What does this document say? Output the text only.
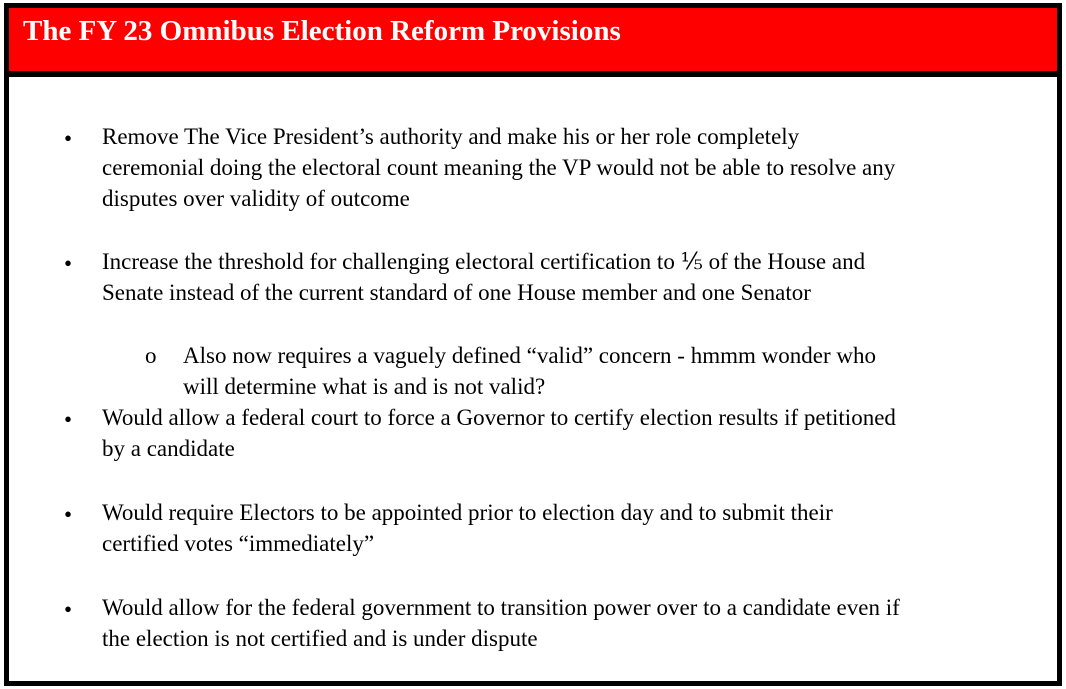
The FY 23 Omnibus Election Reform Provisions
• Remove The Vice President’s authority and make his or her role completely
ceremonial doing the electoral count meaning the VP would not be able to resolve any
disputes over validity of outcome
• Increase the threshold for challenging electoral certification to ⅕ of the House and
Senate instead of the current standard of one House member and one Senator
o Also now requires a vaguely defined “valid” concern - hmmm wonder who
will determine what is and is not valid?
• Would allow a federal court to force a Governor to certify election results if petitioned
by a candidate
• Would require Electors to be appointed prior to election day and to submit their
certified votes “immediately”
• Would allow for the federal government to transition power over to a candidate even if
the election is not certified and is under dispute
